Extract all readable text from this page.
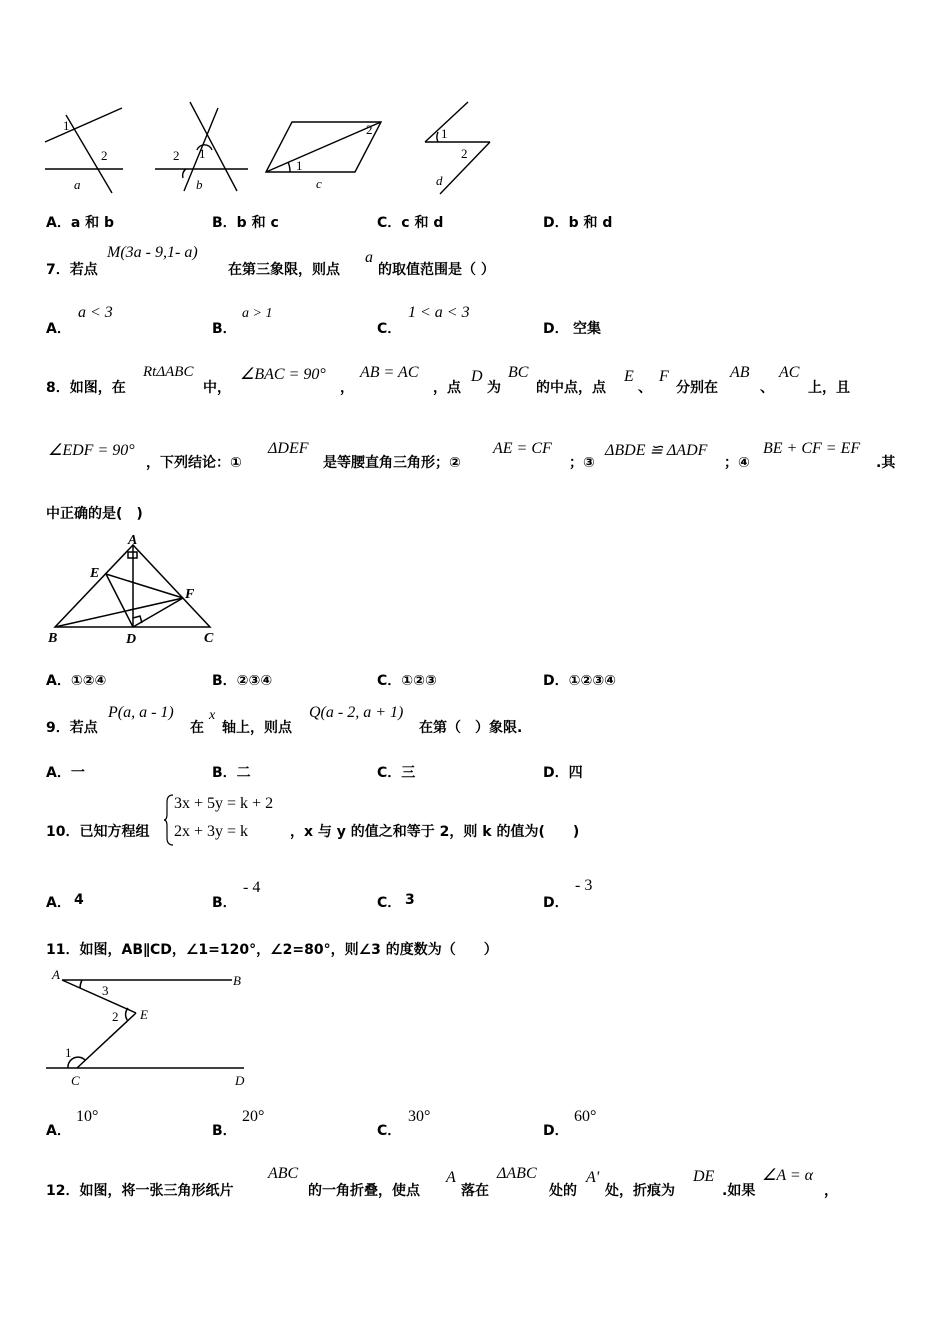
1
2
a
1
2
b
1
2
c
1
2
d
A．a 和 b	B．b 和 c	C．c 和 d	D．b 和 d
7．若点
M(3a - 9,1- a)
在第三象限，则点
a
的取值范围是（ ）
A．
a < 3
B．
a > 1
C．
1 < a < 3
D． 空集
8．如图，在
RtΔABC
中，
∠BAC = 90°
，
AB = AC
，点
D
为
BC
的中点，点
E
、
F
分别在
AB
、
AC
上，且
∠EDF = 90°
，下列结论：①
ΔDEF
是等腰直角三角形；②
AE = CF
；③
ΔBDE ≌ ΔADF
；④
BE + CF = EF
.其
中正确的是(　)
A
E
F
B	D	C
A．①②④	B．②③④	C．①②③	D．①②③④
9．若点
P(a, a - 1)
在
x
轴上，则点
Q(a - 2, a + 1)
在第（　）象限.
A．一	B．二	C．三	D．四
10．已知方程组
3x + 5y = k + 2
2x + 3y = k	，x 与 y 的值之和等于 2，则 k 的值为(　　)
A． 4	B．
- 4
C． 3	D．
- 3
11．如图，AB∥CD，∠1=120°，∠2=80°，则∠3 的度数为（　　）
A	B
3
2 E
1
C	D
A．
10°
B．
20°
C．
30°
D．
60°
12．如图，将一张三角形纸片
ABC
的一角折叠，使点
A
落在
ΔABC
处的
A'
处，折痕为
DE
.如果
∠A = α
，
